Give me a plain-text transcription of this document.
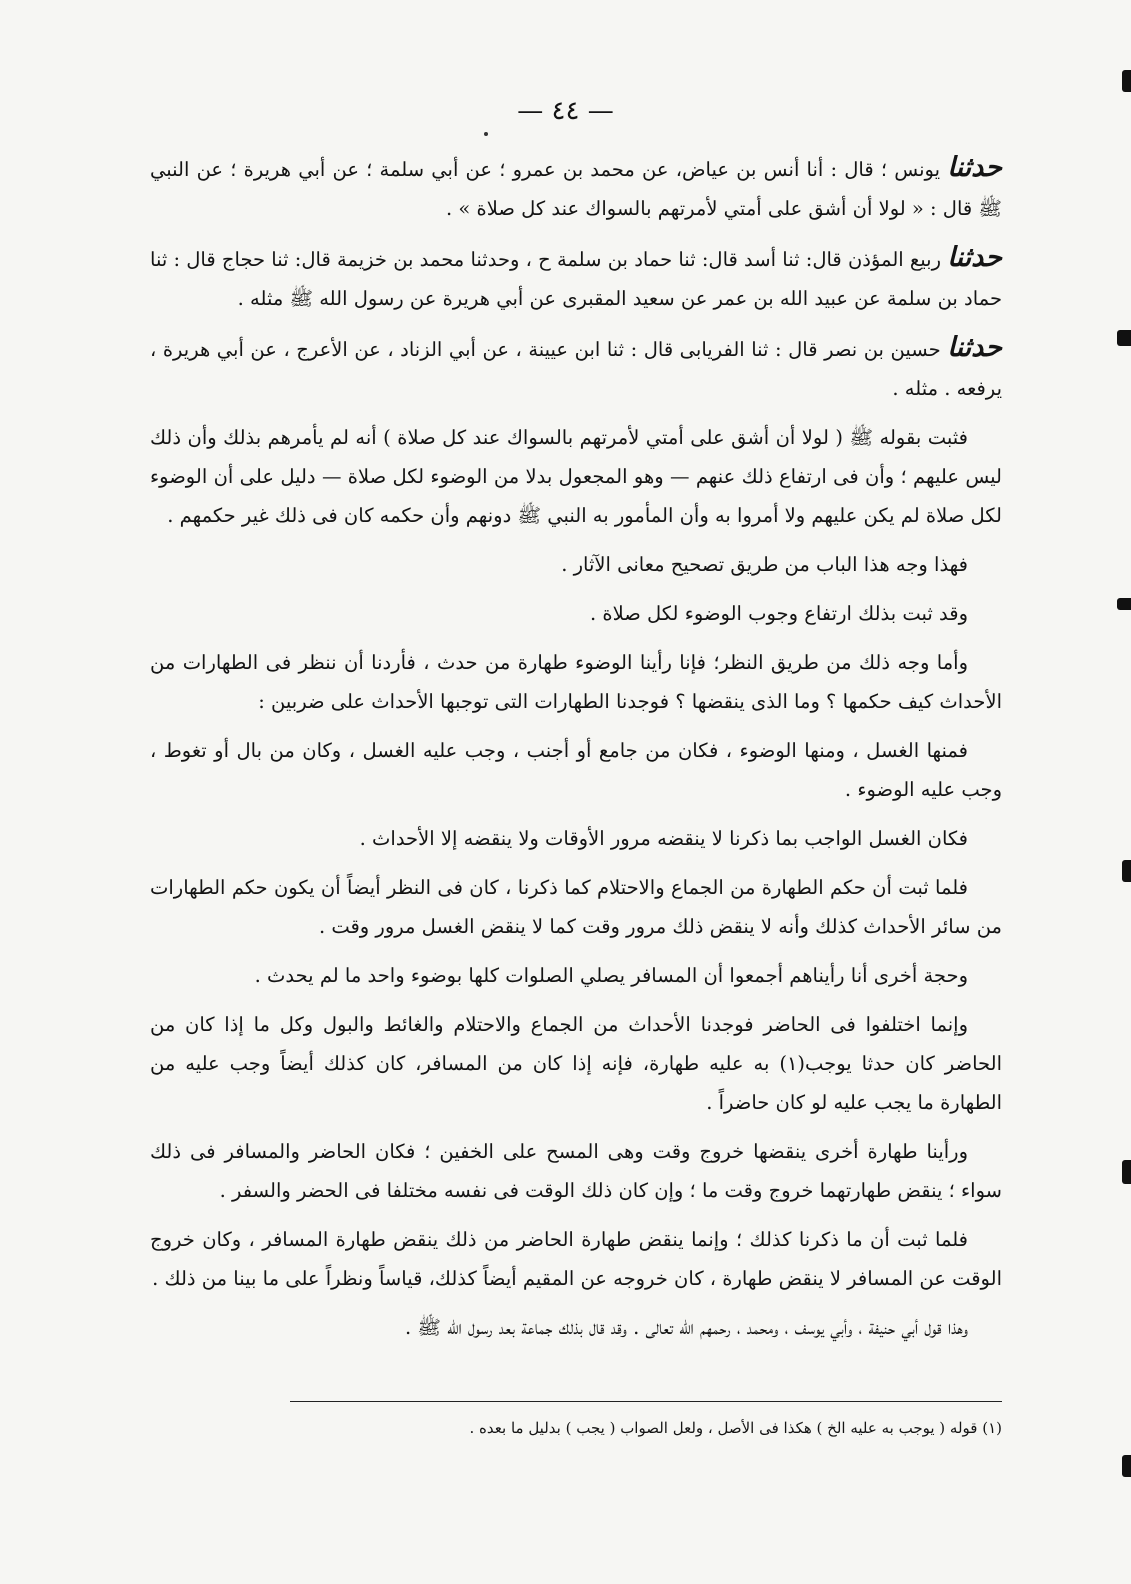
— ٤٤ —

حدثنا يونس ؛ قال : أنا أنس بن عياض، عن محمد بن عمرو ؛ عن أبي سلمة ؛ عن أبي هريرة ؛ عن النبي ﷺ قال : « لولا أن أشق على أمتي لأمرتهم بالسواك عند كل صلاة » .

حدثنا ربيع المؤذن قال: ثنا أسد قال: ثنا حماد بن سلمة ح ، وحدثنا محمد بن خزيمة قال: ثنا حجاج قال : ثنا حماد بن سلمة عن عبيد الله بن عمر عن سعيد المقبرى عن أبي هريرة عن رسول الله ﷺ مثله .

حدثنا حسين بن نصر قال : ثنا الفريابى قال : ثنا ابن عيينة ، عن أبي الزناد ، عن الأعرج ، عن أبي هريرة ، يرفعه . مثله .

فثبت بقوله ﷺ ( لولا أن أشق على أمتي لأمرتهم بالسواك عند كل صلاة ) أنه لم يأمرهم بذلك وأن ذلك ليس عليهم ؛ وأن فى ارتفاع ذلك عنهم — وهو المجعول بدلا من الوضوء لكل صلاة — دليل على أن الوضوء لكل صلاة لم يكن عليهم ولا أمروا به وأن المأمور به النبي ﷺ دونهم وأن حكمه كان فى ذلك غير حكمهم .

فهذا وجه هذا الباب من طريق تصحيح معانى الآثار .

وقد ثبت بذلك ارتفاع وجوب الوضوء لكل صلاة .

وأما وجه ذلك من طريق النظر؛ فإنا رأينا الوضوء طهارة من حدث ، فأردنا أن ننظر فى الطهارات من الأحداث كيف حكمها ؟ وما الذى ينقضها ؟ فوجدنا الطهارات التى توجبها الأحداث على ضربين :

فمنها الغسل ، ومنها الوضوء ، فكان من جامع أو أجنب ، وجب عليه الغسل ، وكان من بال أو تغوط ، وجب عليه الوضوء .

فكان الغسل الواجب بما ذكرنا لا ينقضه مرور الأوقات ولا ينقضه إلا الأحداث .

فلما ثبت أن حكم الطهارة من الجماع والاحتلام كما ذكرنا ، كان فى النظر أيضاً أن يكون حكم الطهارات من سائر الأحداث كذلك وأنه لا ينقض ذلك مرور وقت كما لا ينقض الغسل مرور وقت .

وحجة أخرى أنا رأيناهم أجمعوا أن المسافر يصلي الصلوات كلها بوضوء واحد ما لم يحدث .

وإنما اختلفوا فى الحاضر فوجدنا الأحداث من الجماع والاحتلام والغائط والبول وكل ما إذا كان من الحاضر كان حدثا يوجب(١) به عليه طهارة، فإنه إذا كان من المسافر، كان كذلك أيضاً وجب عليه من الطهارة ما يجب عليه لو كان حاضراً .

ورأينا طهارة أخرى ينقضها خروج وقت وهى المسح على الخفين ؛ فكان الحاضر والمسافر فى ذلك سواء ؛ ينقض طهارتهما خروج وقت ما ؛ وإن كان ذلك الوقت فى نفسه مختلفا فى الحضر والسفر .

فلما ثبت أن ما ذكرنا كذلك ؛ وإنما ينقض طهارة الحاضر من ذلك ينقض طهارة المسافر ، وكان خروج الوقت عن المسافر لا ينقض طهارة ، كان خروجه عن المقيم أيضاً كذلك، قياساً ونظراً على ما بينا من ذلك .

وهذا قول أبي حنيفة ، وأبي يوسف ، ومحمد ، رحمهم الله تعالى . وقد قال بذلك جماعة بعد رسول الله ﷺ .

(١) قوله ( يوجب به عليه الخ ) هكذا فى الأصل ، ولعل الصواب ( يجب ) بدليل ما بعده .
